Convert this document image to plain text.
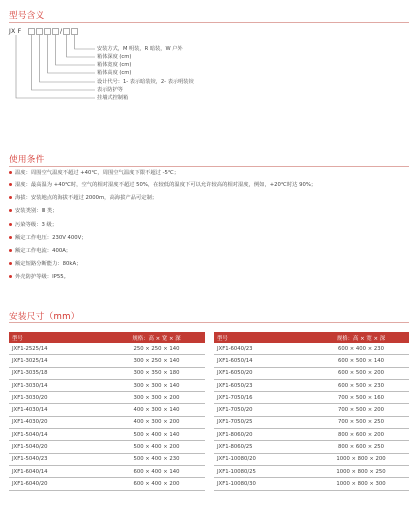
型号含义
JX F	/
安装方式，M 明装，R 暗装，W 户外
箱体深度 (cm)
箱体宽度 (cm)
箱体高度 (cm)
设计代号：1- 表示暗装铰，2- 表示明装铰
表示防护等
挂墙式控制箱
使用条件
温度：周围空气温度不超过 +40℃，周围空气温度下限不超过 -5℃；
湿度：最高温为 +40℃时，空气的相对湿度不超过 50%，在较低的温度下可以允许较高的相对湿度，例如，+20℃时达 90%；
海拔：安装地点的海拔不超过 2000m，高海拔产品可定制；
安装类别：Ⅲ 类；
污染等级：3 级；
额定工作电压：230V 400V；
额定工作电流：400A；
额定短路分断能力：80kA；
外壳防护等级：IP55。
安装尺寸（mm）
型号	规格：高 × 宽 × 深
JXF1-2525/14	250 × 250 × 140
JXF1-3025/14	300 × 250 × 140
JXF1-3035/18	300 × 350 × 180
JXF1-3030/14	300 × 300 × 140
JXF1-3030/20	300 × 300 × 200
JXF1-4030/14	400 × 300 × 140
JXF1-4030/20	400 × 300 × 200
JXF1-5040/14	500 × 400 × 140
JXF1-5040/20	500 × 400 × 200
JXF1-5040/23	500 × 400 × 230
JXF1-6040/14	600 × 400 × 140
JXF1-6040/20	600 × 400 × 200
型号	规格：高 × 宽 × 深
JXF1-6040/23	600 × 400 × 230
JXF1-6050/14	600 × 500 × 140
JXF1-6050/20	600 × 500 × 200
JXF1-6050/23	600 × 500 × 230
JXF1-7050/16	700 × 500 × 160
JXF1-7050/20	700 × 500 × 200
JXF1-7050/25	700 × 500 × 250
JXF1-8060/20	800 × 600 × 200
JXF1-8060/25	800 × 600 × 250
JXF1-10080/20	1000 × 800 × 200
JXF1-10080/25	1000 × 800 × 250
JXF1-10080/30	1000 × 800 × 300
